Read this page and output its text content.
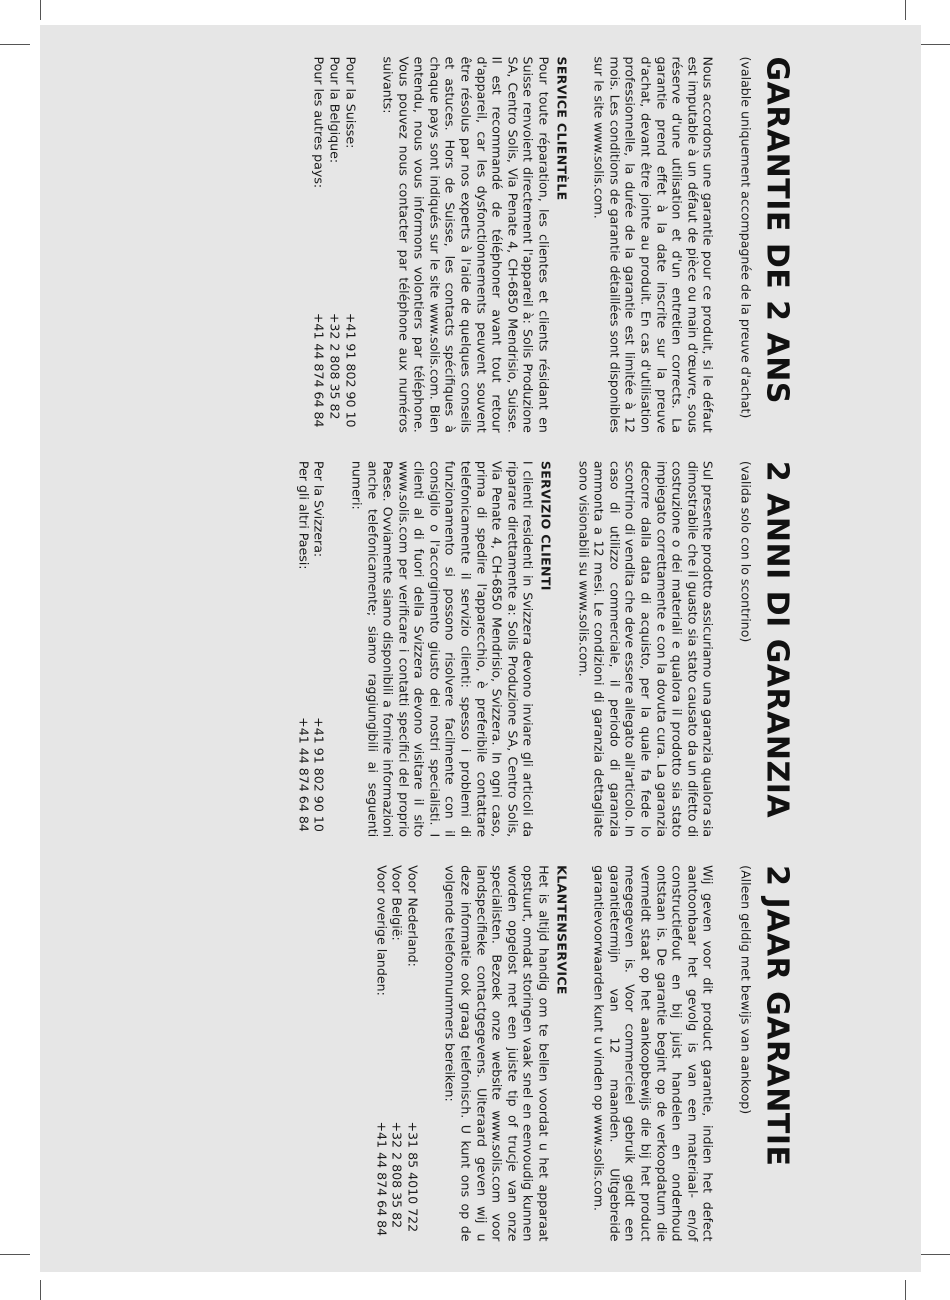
GARANTIE DE 2 ANS
(valable uniquement accompagnée de la preuve d'achat)
Nous accordons une garantie pour ce produit, si le défaut est imputable à un défaut de pièce ou main d'œuvre, sous réserve d'une utilisation et d'un entretien corrects. La garantie prend effet à la date inscrite sur la preuve d'achat, devant être jointe au produit. En cas d'utilisation professionnelle, la durée de la garantie est limitée à 12 mois. Les conditions de garantie détaillées sont disponibles sur le site www.solis.com.
SERVICE CLIENTÈLE
Pour toute réparation, les clientes et clients résidant en Suisse renvoient directement l'appareil à: Solis Produzione SA, Centro Solis, Via Penate 4, CH-6850 Mendrisio, Suisse. Il est recommandé de téléphoner avant tout retour d'appareil, car les dysfonctionnements peuvent souvent être résolus par nos experts à l'aide de quelques conseils et astuces. Hors de Suisse, les contacts spécifiques à chaque pays sont indiqués sur le site www.solis.com. Bien entendu, nous vous informons volontiers par téléphone. Vous pouvez nous contacter par téléphone aux numéros suivants:
Pour la Suisse:
+41 91 802 90 10
Pour la Belgique:
+32 2 808 35 82
Pour les autres pays:
+41 44 874 64 84
2 ANNI DI GARANZIA
(valida solo con lo scontrino)
Sul presente prodotto assicuriamo una garanzia qualora sia dimostrabile che il guasto sia stato causato da un difetto di costruzione o dei materiali e qualora il prodotto sia stato impiegato correttamente e con la dovuta cura. La garanzia decorre dalla data di acquisto, per la quale fa fede lo scontrino di vendita che deve essere allegato all'articolo. In caso di utilizzo commerciale, il periodo di garanzia ammonta a 12 mesi. Le condizioni di garanzia dettagliate sono visionabili su www.solis.com.
SERVIZIO CLIENTI
I clienti residenti in Svizzera devono inviare gli articoli da riparare direttamente a: Solis Produzione SA, Centro Solis, Via Penate 4, CH-6850 Mendrisio, Svizzera. In ogni caso, prima di spedire l'apparecchio, è preferibile contattare telefonicamente il servizio clienti: spesso i problemi di funzionamento si possono risolvere facilmente con il consiglio o l'accorgimento giusto dei nostri specialisti. I clienti al di fuori della Svizzera devono visitare il sito www.solis.com per verificare i contatti specifici del proprio Paese. Ovviamente siamo disponibili a fornire informazioni anche telefonicamente; siamo raggiungibili ai seguenti numeri:
Per la Svizzera:
+41 91 802 90 10
Per gli altri Paesi:
+41 44 874 64 84
2 JAAR GARANTIE
(Alleen geldig met bewijs van aankoop)
Wij geven voor dit product garantie, indien het defect aantoonbaar het gevolg is van een materiaal- en/of constructiefout en bij juist handelen en onderhoud ontstaan is. De garantie begint op de verkoopdatum die vermeldt staat op het aankoopbewijs die bij het product meegegeven is. Voor commercieel gebruik geldt een garantietermijn van 12 maanden. Uitgebreide garantievoorwaarden kunt u vinden op www.solis.com.
KLANTENSERVICE
Het is altijd handig om te bellen voordat u het apparaat opstuurt, omdat storingen vaak snel en eenvoudig kunnen worden opgelost met een juiste tip of trucje van onze specialisten. Bezoek onze website www.solis.com voor landspecifieke contactgegevens. Uiteraard geven wij u deze informatie ook graag telefonisch. U kunt ons op de volgende telefoonnummers bereiken:
Voor Nederland:
+31 85 4010 722
Voor België:
+32 2 808 35 82
Voor overige landen:
+41 44 874 64 84
